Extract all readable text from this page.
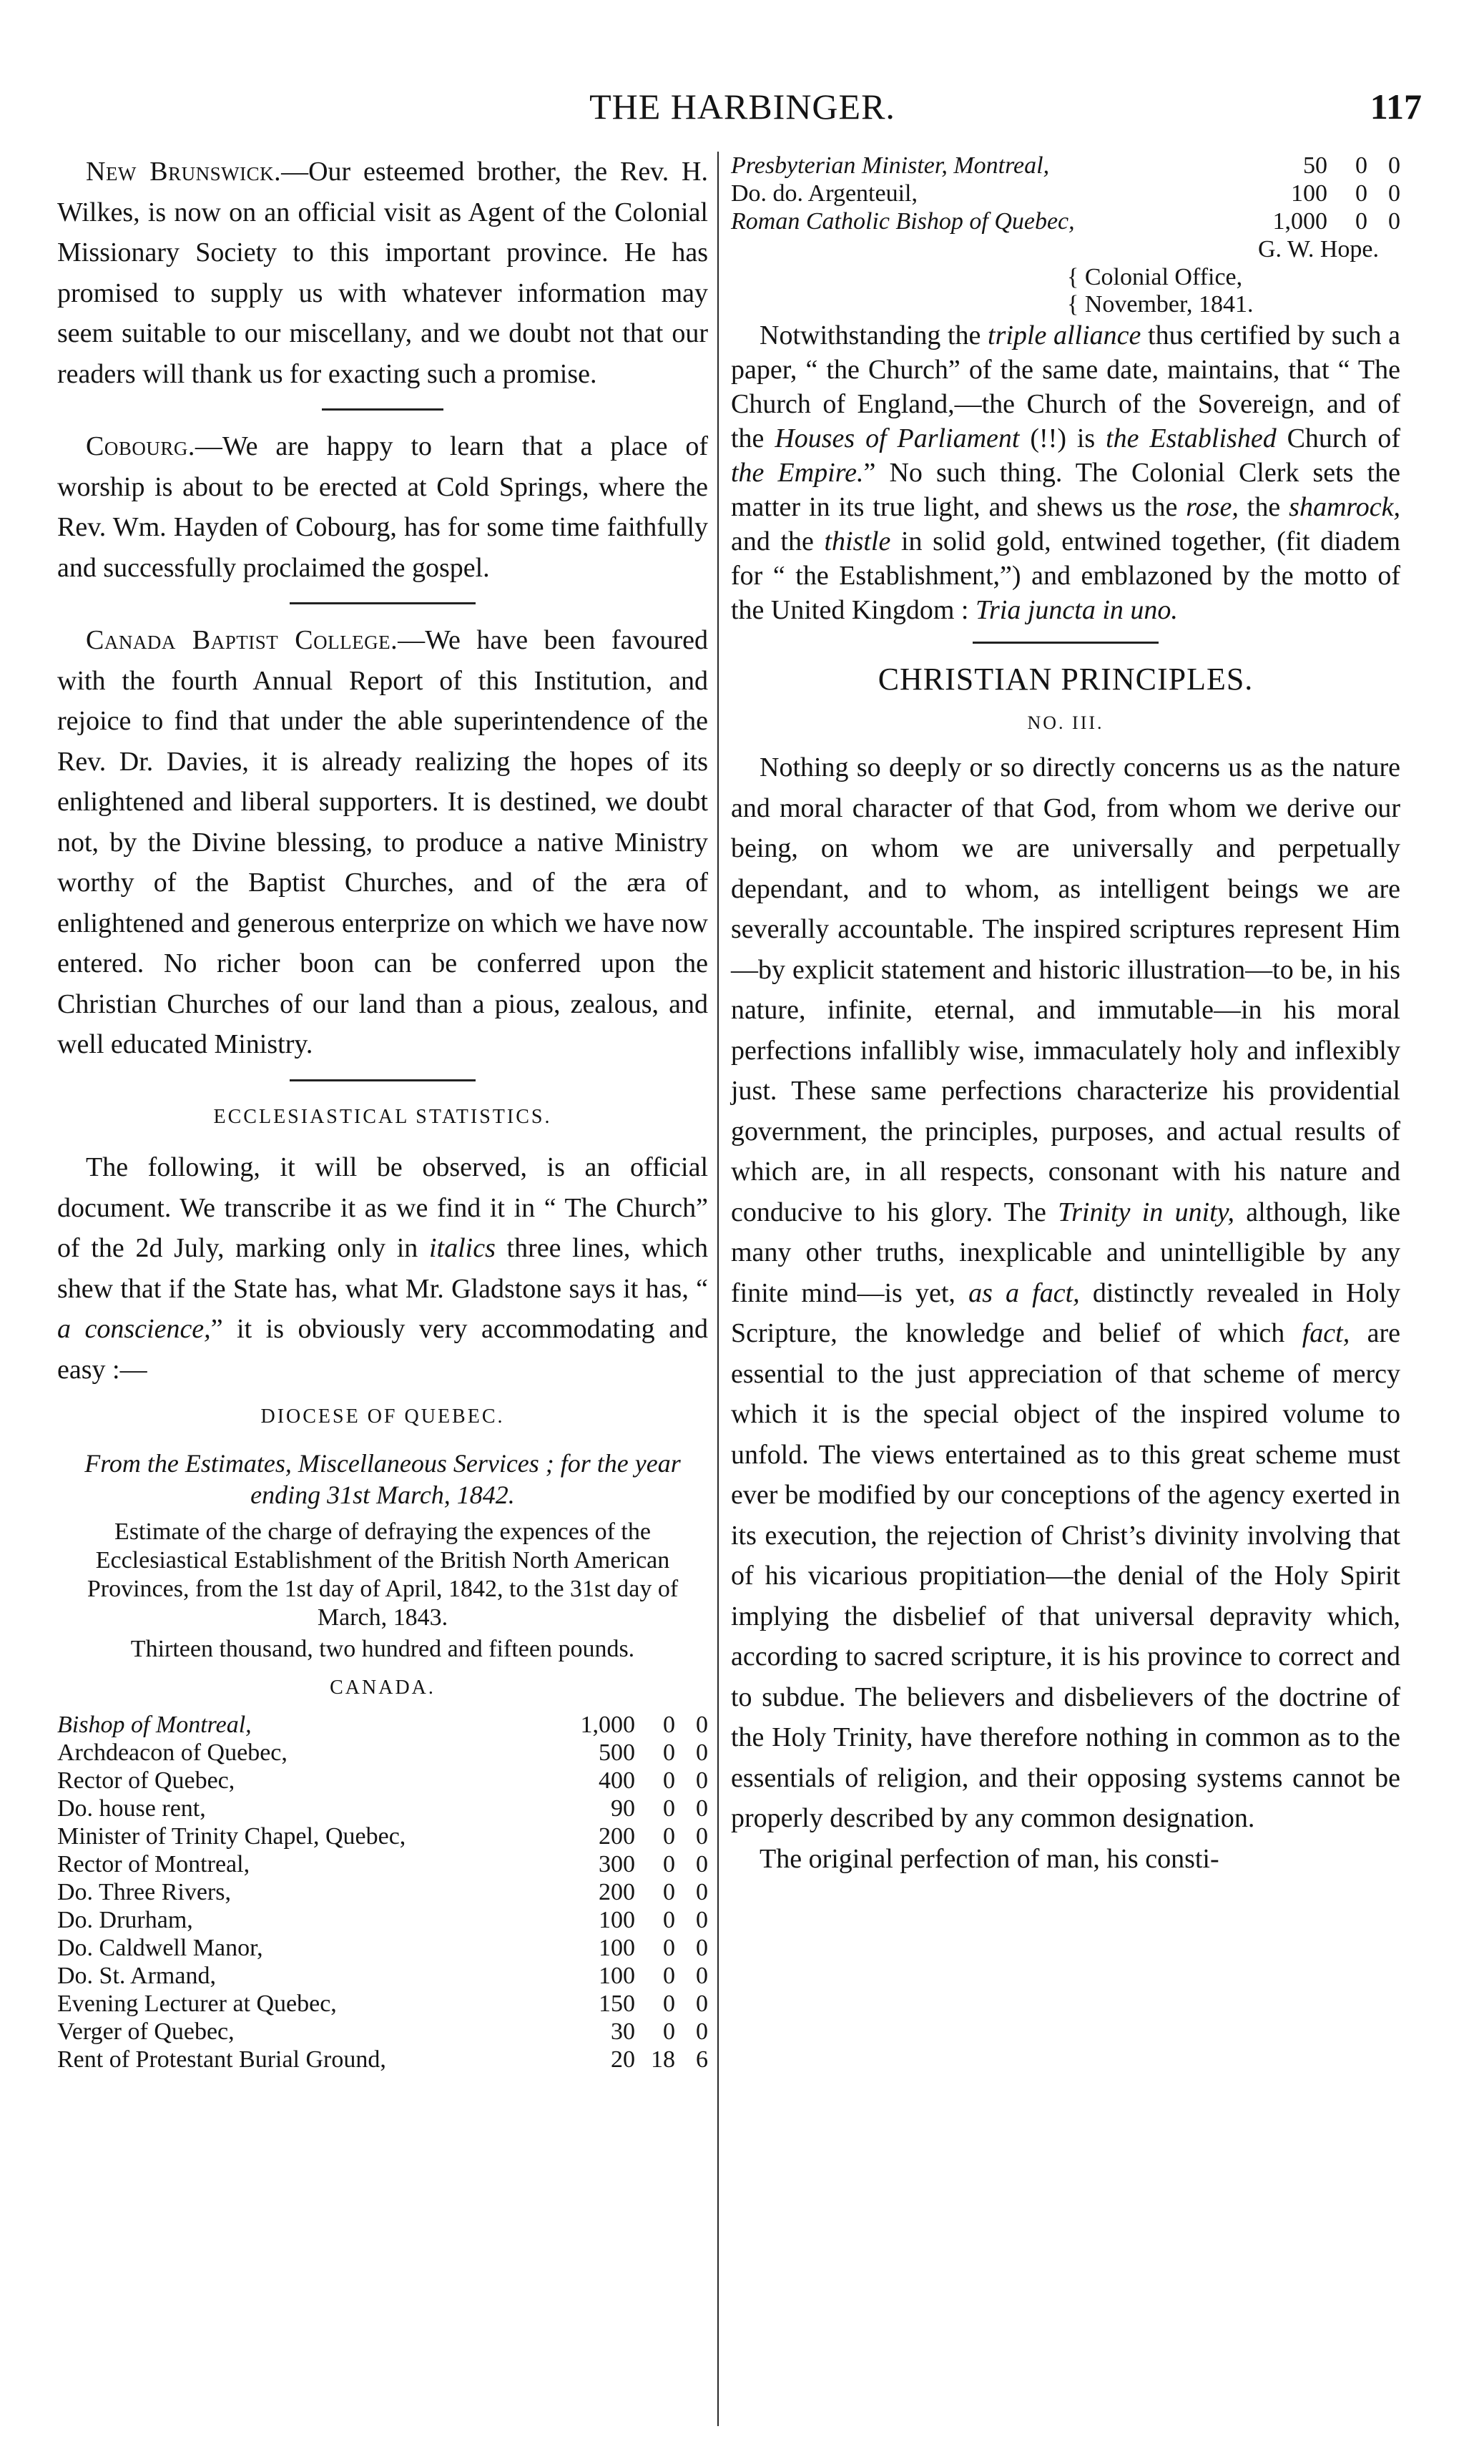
THE HARBINGER.	117

New Brunswick.—Our esteemed brother, the Rev. H. Wilkes, is now on an official visit as Agent of the Colonial Missionary Society to this important province. He has promised to supply us with whatever information may seem suitable to our miscellany, and we doubt not that our readers will thank us for exacting such a promise.

Cobourg.—We are happy to learn that a place of worship is about to be erected at Cold Springs, where the Rev. Wm. Hayden of Cobourg, has for some time faithfully and successfully proclaimed the gospel.

Canada Baptist College.—We have been favoured with the fourth Annual Report of this Institution, and rejoice to find that under the able superintendence of the Rev. Dr. Davies, it is already realizing the hopes of its enlightened and liberal supporters. It is destined, we doubt not, by the Divine blessing, to produce a native Ministry worthy of the Baptist Churches, and of the æra of enlightened and generous enterprize on which we have now entered. No richer boon can be conferred upon the Christian Churches of our land than a pious, zealous, and well educated Ministry.

ECCLESIASTICAL STATISTICS.

The following, it will be observed, is an official document. We transcribe it as we find it in “ The Church” of the 2d July, marking only in italics three lines, which shew that if the State has, what Mr. Gladstone says it has, “ a conscience,” it is obviously very accommodating and easy :—

DIOCESE OF QUEBEC.
From the Estimates, Miscellaneous Services ; for the year ending 31st March, 1842.
Estimate of the charge of defraying the expences of the Ecclesiastical Establishment of the British North American Provinces, from the 1st day of April, 1842, to the 31st day of March, 1843.
Thirteen thousand, two hundred and fifteen pounds.
CANADA.
Bishop of Montreal,	1,000	0	0
Archdeacon of Quebec,	500	0	0
Rector of Quebec,	400	0	0
Do. house rent,	90	0	0
Minister of Trinity Chapel, Quebec,	200	0	0
Rector of Montreal,	300	0	0
Do. Three Rivers,	200	0	0
Do. Drurham,	100	0	0
Do. Caldwell Manor,	100	0	0
Do. St. Armand,	100	0	0
Evening Lecturer at Quebec,	150	0	0
Verger of Quebec,	30	0	0
Rent of Protestant Burial Ground,	20	18	6
Presbyterian Minister, Montreal,	50	0	0
Do. do. Argenteuil,	100	0	0
Roman Catholic Bishop of Quebec,	1,000	0	0
G. W. Hope.
{ Colonial Office,
{ November, 1841.

Notwithstanding the triple alliance thus certified by such a paper, “ the Church” of the same date, maintains, that “ The Church of England,—the Church of the Sovereign, and of the Houses of Parliament (!!) is the Established Church of the Empire.” No such thing. The Colonial Clerk sets the matter in its true light, and shews us the rose, the shamrock, and the thistle in solid gold, entwined together, (fit diadem for “ the Establishment,”) and emblazoned by the motto of the United Kingdom : Tria juncta in uno.

CHRISTIAN PRINCIPLES.
NO. III.

Nothing so deeply or so directly concerns us as the nature and moral character of that God, from whom we derive our being, on whom we are universally and perpetually dependant, and to whom, as intelligent beings we are severally accountable. The inspired scriptures represent Him—by explicit statement and historic illustration—to be, in his nature, infinite, eternal, and immutable—in his moral perfections infallibly wise, immaculately holy and inflexibly just. These same perfections characterize his providential government, the principles, purposes, and actual results of which are, in all respects, consonant with his nature and conducive to his glory. The Trinity in unity, although, like many other truths, inexplicable and unintelligible by any finite mind—is yet, as a fact, distinctly revealed in Holy Scripture, the knowledge and belief of which fact, are essential to the just appreciation of that scheme of mercy which it is the special object of the inspired volume to unfold. The views entertained as to this great scheme must ever be modified by our conceptions of the agency exerted in its execution, the rejection of Christ’s divinity involving that of his vicarious propitiation—the denial of the Holy Spirit implying the disbelief of that universal depravity which, according to sacred scripture, it is his province to correct and to subdue. The believers and disbelievers of the doctrine of the Holy Trinity, have therefore nothing in common as to the essentials of religion, and their opposing systems cannot be properly described by any common designation.

The original perfection of man, his consti-
